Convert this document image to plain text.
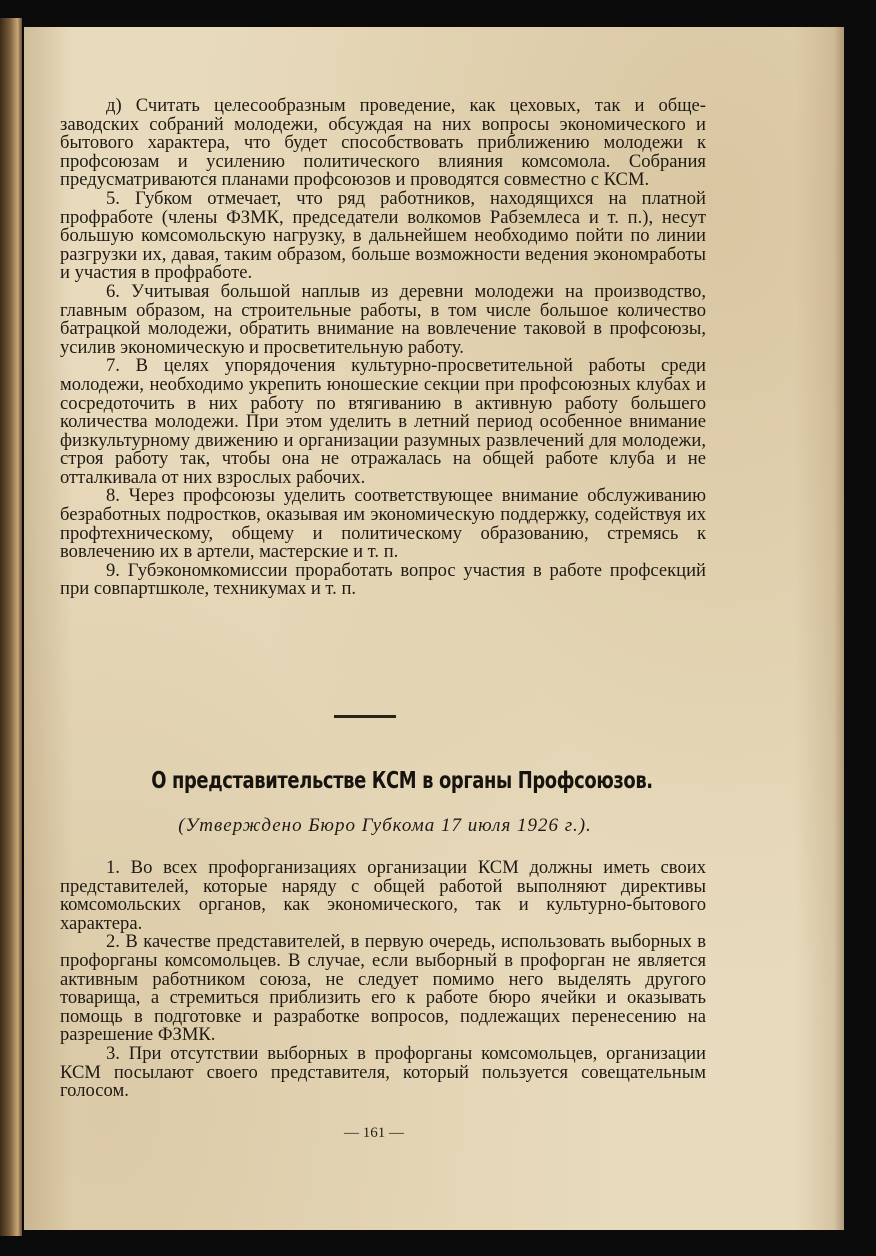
д) Считать целесообразным проведение, как цеховых, так и обще-заводских собраний молодежи, обсуждая на них вопросы экономического и бытового характера, что будет способствовать приближению молодежи к профсоюзам и усилению политического влияния комсомола. Собрания предусматриваются планами профсоюзов и проводятся совместно с КСМ.

5. Губком отмечает, что ряд работников, находящихся на платной профработе (члены ФЗМК, председатели волкомов Рабземлеса и т. п.), несут большую комсомольскую нагрузку, в дальнейшем необходимо пойти по линии разгрузки их, давая, таким образом, больше возможности ведения экономработы и участия в профработе.

6. Учитывая большой наплыв из деревни молодежи на производство, главным образом, на строительные работы, в том числе большое количество батрацкой молодежи, обратить внимание на вовлечение таковой в профсоюзы, усилив экономическую и просветительную работу.

7. В целях упорядочения культурно-просветительной работы среди молодежи, необходимо укрепить юношеские секции при профсоюзных клубах и сосредоточить в них работу по втягиванию в активную работу большего количества молодежи. При этом уделить в летний период особенное внимание физкультурному движению и организации разумных развлечений для молодежи, строя работу так, чтобы она не отражалась на общей работе клуба и не отталкивала от них взрослых рабочих.

8. Через профсоюзы уделить соответствующее внимание обслуживанию безработных подростков, оказывая им экономическую поддержку, содействуя их профтехническому, общему и политическому образованию, стремясь к вовлечению их в артели, мастерские и т. п.

9. Губэкономкомиссии проработать вопрос участия в работе профсекций при совпартшколе, техникумах и т. п.

О представительстве КСМ в органы Профсоюзов.
(Утверждено Бюро Губкома 17 июля 1926 г.).

1. Во всех профорганизациях организации КСМ должны иметь своих представителей, которые наряду с общей работой выполняют директивы комсомольских органов, как экономического, так и культурно-бытового характера.

2. В качестве представителей, в первую очередь, использовать выборных в профорганы комсомольцев. В случае, если выборный в профорган не является активным работником союза, не следует помимо него выделять другого товарища, а стремиться приблизить его к работе бюро ячейки и оказывать помощь в подготовке и разработке вопросов, подлежащих перенесению на разрешение ФЗМК.

3. При отсутствии выборных в профорганы комсомольцев, организации КСМ посылают своего представителя, который пользуется совещательным голосом.

— 161 —
